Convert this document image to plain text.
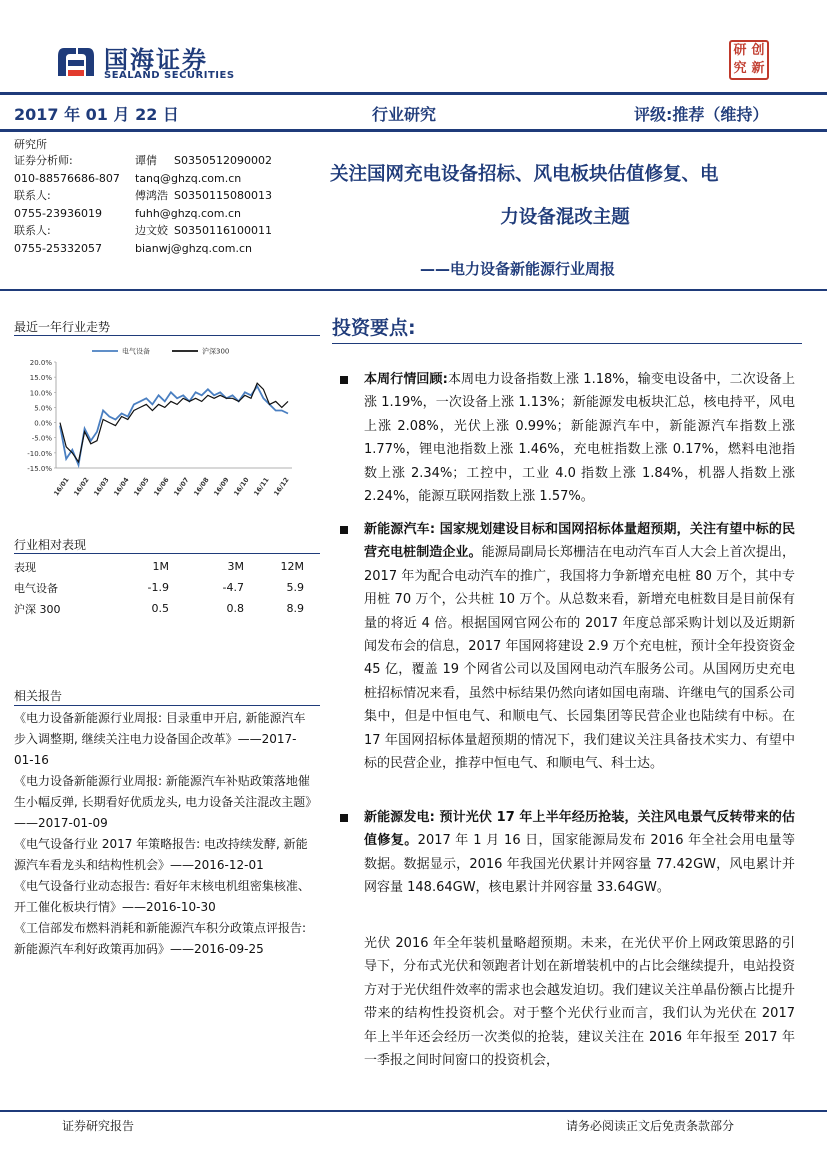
国海证券
SEALAND SECURITIES
研 创
究 新
2017 年 01 月 22 日	行业研究	评级:推荐（维持）
研究所
证券分析师:	谭倩 S0350512090002
010-88576686-807 tanq@ghzq.com.cn
联系人:	傅鸿浩 S0350115080013
0755-23936019	fuhh@ghzq.com.cn
联系人:	边文姣 S0350116100011
0755-25332057	bianwj@ghzq.com.cn
关注国网充电设备招标、风电板块估值修复、电
力设备混改主题
——电力设备新能源行业周报
最近一年行业走势
20.0%
15.0%
10.0%
5.0%
0.0%
-5.0%
-10.0%
-15.0%
16/01 16/02 16/03 16/04 16/05 16/06 16/07 16/08 16/09 16/10 16/11 16/12
电气设备	沪深300
行业相对表现
表现	1M	3M	12M
电气设备	-1.9	-4.7	5.9
沪深 300	0.5	0.8	8.9
相关报告
《电力设备新能源行业周报: 目录重申开启, 新能源汽车步入调整期, 继续关注电力设备国企改革》——2017-01-16
《电力设备新能源行业周报: 新能源汽车补贴政策落地催生小幅反弹, 长期看好优质龙头, 电力设备关注混改主题》——2017-01-09
《电气设备行业 2017 年策略报告: 电改持续发酵, 新能源汽车看龙头和结构性机会》——2016-12-01
《电气设备行业动态报告: 看好年末核电机组密集核准、开工催化板块行情》——2016-10-30
《工信部发布燃料消耗和新能源汽车积分政策点评报告: 新能源汽车利好政策再加码》——2016-09-25
投资要点:
本周行情回顾:本周电力设备指数上涨 1.18%，输变电设备中，二次设备上涨 1.19%，一次设备上涨 1.13%；新能源发电板块汇总，核电持平，风电上涨 2.08%，光伏上涨 0.99%；新能源汽车中，新能源汽车指数上涨 1.77%，锂电池指数上涨 1.46%，充电桩指数上涨 0.17%，燃料电池指数上涨 2.34%；工控中，工业 4.0 指数上涨 1.84%，机器人指数上涨 2.24%，能源互联网指数上涨 1.57%。
新能源汽车: 国家规划建设目标和国网招标体量超预期，关注有望中标的民营充电桩制造企业。能源局副局长郑栅洁在电动汽车百人大会上首次提出，2017 年为配合电动汽车的推广，我国将力争新增充电桩 80 万个，其中专用桩 70 万个，公共桩 10 万个。从总数来看，新增充电桩数目是目前保有量的将近 4 倍。根据国网官网公布的 2017 年度总部采购计划以及近期新闻发布会的信息，2017 年国网将建设 2.9 万个充电桩，预计全年投资资金 45 亿，覆盖 19 个网省公司以及国网电动汽车服务公司。从国网历史充电桩招标情况来看，虽然中标结果仍然向诸如国电南瑞、许继电气的国系公司集中，但是中恒电气、和顺电气、长园集团等民营企业也陆续有中标。在 17 年国网招标体量超预期的情况下，我们建议关注具备技术实力、有望中标的民营企业，推荐中恒电气、和顺电气、科士达。
新能源发电: 预计光伏 17 年上半年经历抢装，关注风电景气反转带来的估值修复。2017 年 1 月 16 日，国家能源局发布 2016 年全社会用电量等数据。数据显示，2016 年我国光伏累计并网容量 77.42GW，风电累计并网容量 148.64GW，核电累计并网容量 33.64GW。
光伏 2016 年全年装机量略超预期。未来，在光伏平价上网政策思路的引导下，分布式光伏和领跑者计划在新增装机中的占比会继续提升，电站投资方对于光伏组件效率的需求也会越发迫切。我们建议关注单晶份额占比提升带来的结构性投资机会。对于整个光伏行业而言，我们认为光伏在 2017 年上半年还会经历一次类似的抢装，建议关注在 2016 年年报至 2017 年一季报之间时间窗口的投资机会，
证券研究报告	请务必阅读正文后免责条款部分
